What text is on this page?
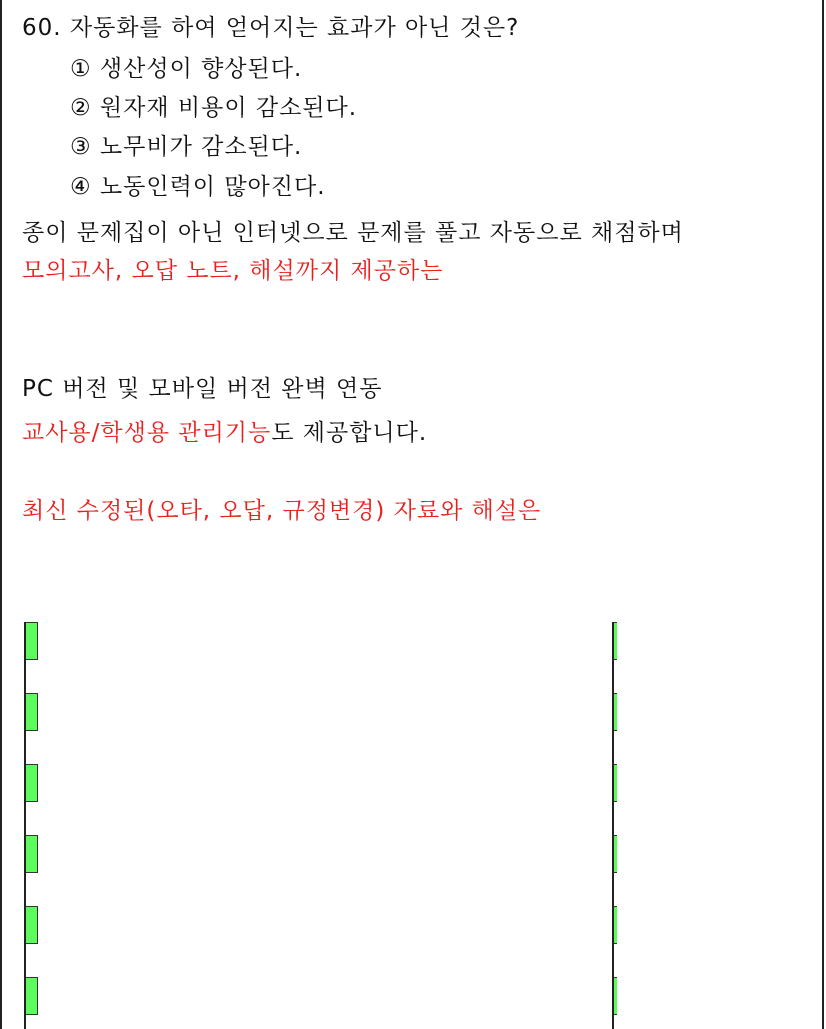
60. 자동화를 하여 얻어지는 효과가 아닌 것은?
① 생산성이 향상된다.
② 원자재 비용이 감소된다.
③ 노무비가 감소된다.
④ 노동인력이 많아진다.
종이 문제집이 아닌 인터넷으로 문제를 풀고 자동으로 채점하며
모의고사, 오답 노트, 해설까지 제공하는
PC 버전 및 모바일 버전 완벽 연동
교사용/학생용 관리기능도 제공합니다.
최신 수정된(오타, 오답, 규정변경) 자료와 해설은
